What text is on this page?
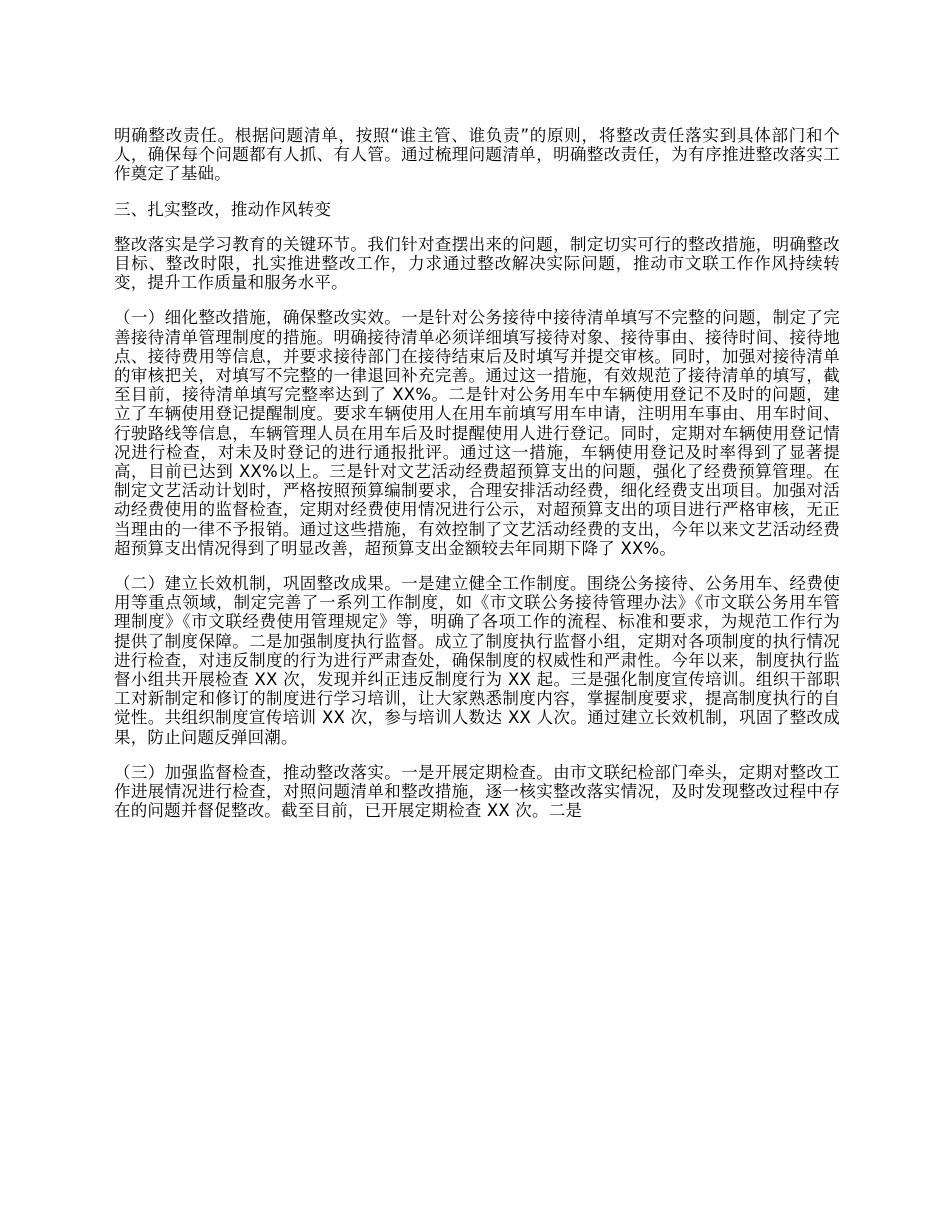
明确整改责任。根据问题清单，按照“谁主管、谁负责”的原则，将整改责任落实到具体部门和个人，确保每个问题都有人抓、有人管。通过梳理问题清单，明确整改责任，为有序推进整改落实工作奠定了基础。

三、扎实整改，推动作风转变

整改落实是学习教育的关键环节。我们针对查摆出来的问题，制定切实可行的整改措施，明确整改目标、整改时限，扎实推进整改工作，力求通过整改解决实际问题，推动市文联工作作风持续转变，提升工作质量和服务水平。

（一）细化整改措施，确保整改实效。一是针对公务接待中接待清单填写不完整的问题，制定了完善接待清单管理制度的措施。明确接待清单必须详细填写接待对象、接待事由、接待时间、接待地点、接待费用等信息，并要求接待部门在接待结束后及时填写并提交审核。同时，加强对接待清单的审核把关，对填写不完整的一律退回补充完善。通过这一措施，有效规范了接待清单的填写，截至目前，接待清单填写完整率达到了 XX%。二是针对公务用车中车辆使用登记不及时的问题，建立了车辆使用登记提醒制度。要求车辆使用人在用车前填写用车申请，注明用车事由、用车时间、行驶路线等信息，车辆管理人员在用车后及时提醒使用人进行登记。同时，定期对车辆使用登记情况进行检查，对未及时登记的进行通报批评。通过这一措施，车辆使用登记及时率得到了显著提高，目前已达到 XX%以上。三是针对文艺活动经费超预算支出的问题，强化了经费预算管理。在制定文艺活动计划时，严格按照预算编制要求，合理安排活动经费，细化经费支出项目。加强对活动经费使用的监督检查，定期对经费使用情况进行公示，对超预算支出的项目进行严格审核，无正当理由的一律不予报销。通过这些措施，有效控制了文艺活动经费的支出，今年以来文艺活动经费超预算支出情况得到了明显改善，超预算支出金额较去年同期下降了 XX%。

（二）建立长效机制，巩固整改成果。一是建立健全工作制度。围绕公务接待、公务用车、经费使用等重点领域，制定完善了一系列工作制度，如《市文联公务接待管理办法》《市文联公务用车管理制度》《市文联经费使用管理规定》等，明确了各项工作的流程、标准和要求，为规范工作行为提供了制度保障。二是加强制度执行监督。成立了制度执行监督小组，定期对各项制度的执行情况进行检查，对违反制度的行为进行严肃查处，确保制度的权威性和严肃性。今年以来，制度执行监督小组共开展检查 XX 次，发现并纠正违反制度行为 XX 起。三是强化制度宣传培训。组织干部职工对新制定和修订的制度进行学习培训，让大家熟悉制度内容，掌握制度要求，提高制度执行的自觉性。共组织制度宣传培训 XX 次，参与培训人数达 XX 人次。通过建立长效机制，巩固了整改成果，防止问题反弹回潮。

（三）加强监督检查，推动整改落实。一是开展定期检查。由市文联纪检部门牵头，定期对整改工作进展情况进行检查，对照问题清单和整改措施，逐一核实整改落实情况，及时发现整改过程中存在的问题并督促整改。截至目前，已开展定期检查 XX 次。二是
